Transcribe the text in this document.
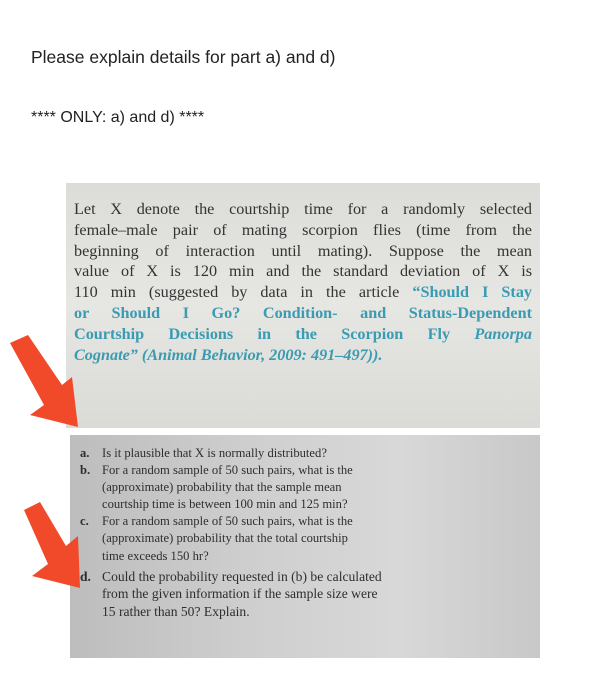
Please explain details for part a) and d)
**** ONLY: a) and d) ****
Let X denote the courtship time for a randomly selected
female–male pair of mating scorpion flies (time from the
beginning of interaction until mating). Suppose the mean
value of X is 120 min and the standard deviation of X is
110 min (suggested by data in the article “Should I Stay
or Should I Go? Condition- and Status-Dependent
Courtship Decisions in the Scorpion Fly Panorpa
Cognate” (Animal Behavior, 2009: 491–497)).
a. Is it plausible that X is normally distributed?
b. For a random sample of 50 such pairs, what is the
(approximate) probability that the sample mean
courtship time is between 100 min and 125 min?
c.	For a random sample of 50 such pairs, what is the
(approximate) probability that the total courtship
time exceeds 150 hr?
d. Could the probability requested in (b) be calculated
from the given information if the sample size were
15 rather than 50? Explain.
